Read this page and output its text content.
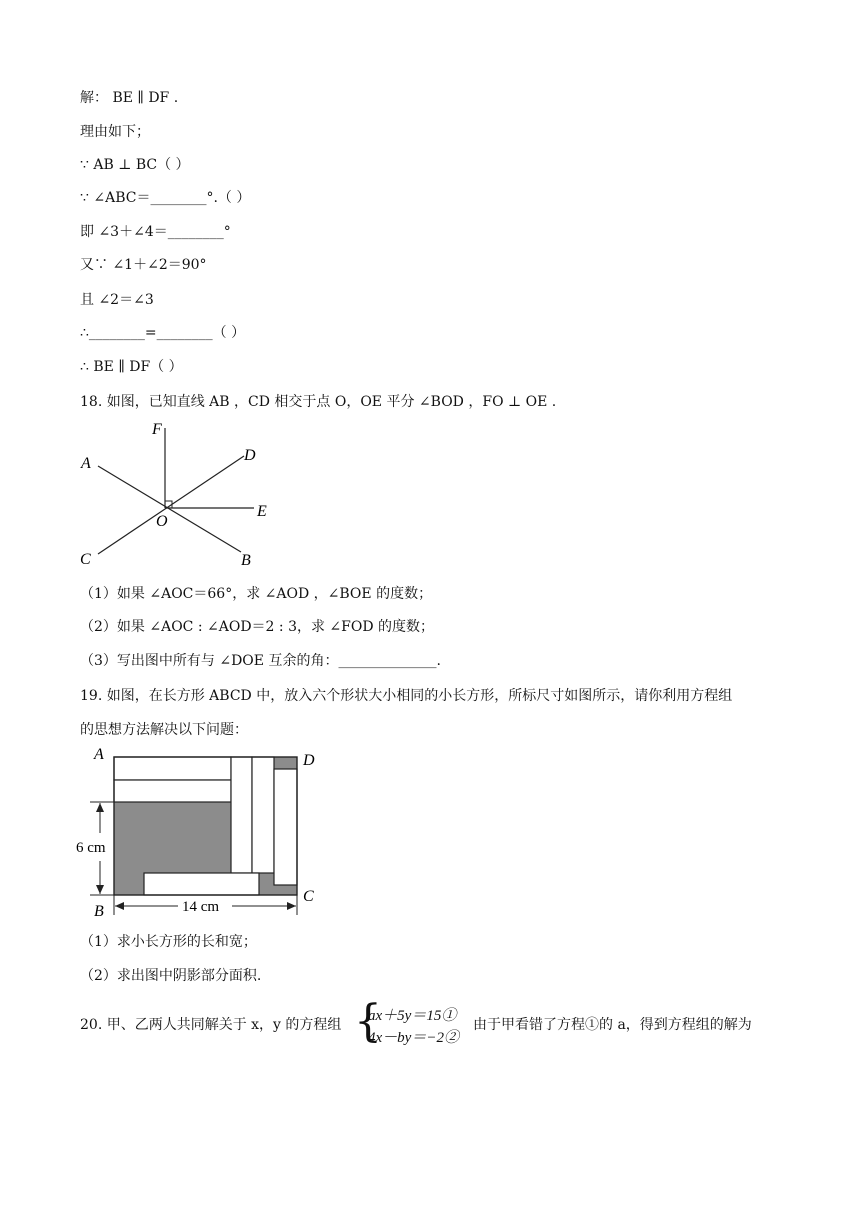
解： BE ∥ DF .
理由如下；
∵ AB ⊥ BC（ ）
∵ ∠ABC＝________°.（ ）
即 ∠3＋∠4＝________°
又∵ ∠1＋∠2＝90°
且 ∠2＝∠3
∴________=________（ ）
∴ BE ∥ DF（ ）
18. 如图，已知直线 AB ，CD 相交于点 O，OE 平分 ∠BOD ，FO ⊥ OE .
F
A	D
E
O
C	B
（1）如果 ∠AOC＝66°，求 ∠AOD ，∠BOE 的度数；
（2）如果 ∠AOC : ∠AOD＝2 : 3，求 ∠FOD 的度数；
（3）写出图中所有与 ∠DOE 互余的角：______________.
19. 如图，在长方形 ABCD 中，放入六个形状大小相同的小长方形，所标尺寸如图所示，请你利用方程组
的思想方法解决以下问题：
6 cm
14 cm
A	D
B
C
（1）求小长方形的长和宽；
（2）求出图中阴影部分面积.
20. 甲、乙两人共同解关于 x，y 的方程组 {
ax＋5y＝15①
4x－by＝−2②
由于甲看错了方程①的 a，得到方程组的解为
